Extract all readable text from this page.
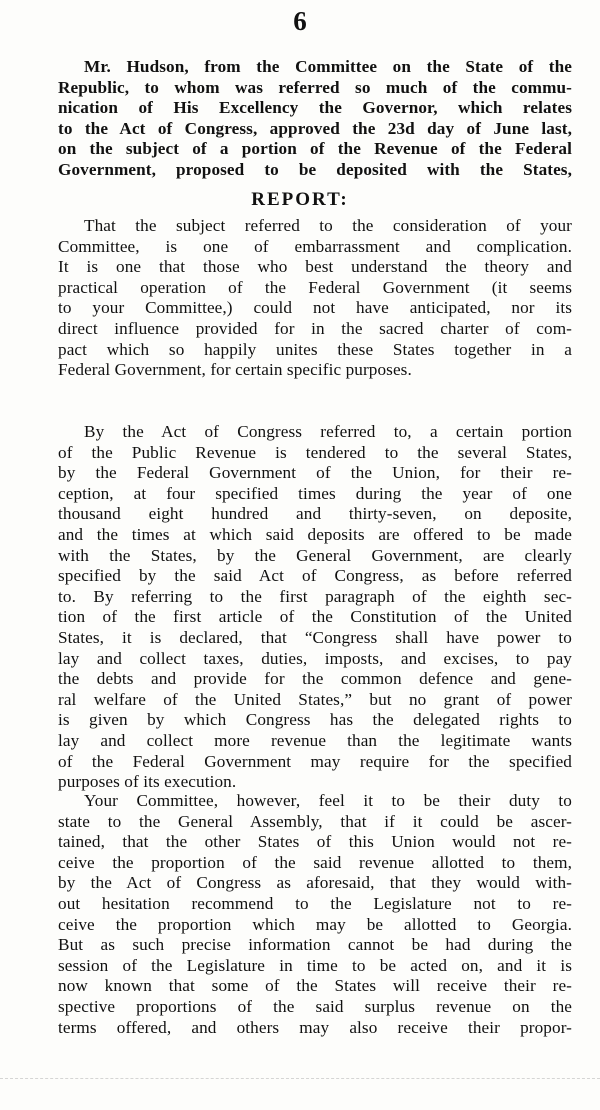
6
Mr. Hudson, from the Committee on the State of the
Republic, to whom was referred so much of the commu-
nication of His Excellency the Governor, which relates
to the Act of Congress, approved the 23d day of June last,
on the subject of a portion of the Revenue of the Federal
Government, proposed to be deposited with the States,
REPORT:
That the subject referred to the consideration of your
Committee, is one of embarrassment and complication.
It is one that those who best understand the theory and
practical operation of the Federal Government (it seems
to your Committee,) could not have anticipated, nor its
direct influence provided for in the sacred charter of com-
pact which so happily unites these States together in a
Federal Government, for certain specific purposes.
By the Act of Congress referred to, a certain portion
of the Public Revenue is tendered to the several States,
by the Federal Government of the Union, for their re-
ception, at four specified times during the year of one
thousand eight hundred and thirty-seven, on deposite,
and the times at which said deposits are offered to be made
with the States, by the General Government, are clearly
specified by the said Act of Congress, as before referred
to. By referring to the first paragraph of the eighth sec-
tion of the first article of the Constitution of the United
States, it is declared, that “Congress shall have power to
lay and collect taxes, duties, imposts, and excises, to pay
the debts and provide for the common defence and gene-
ral welfare of the United States,” but no grant of power
is given by which Congress has the delegated rights to
lay and collect more revenue than the legitimate wants
of the Federal Government may require for the specified
purposes of its execution.
Your Committee, however, feel it to be their duty to
state to the General Assembly, that if it could be ascer-
tained, that the other States of this Union would not re-
ceive the proportion of the said revenue allotted to them,
by the Act of Congress as aforesaid, that they would with-
out hesitation recommend to the Legislature not to re-
ceive the proportion which may be allotted to Georgia.
But as such precise information cannot be had during the
session of the Legislature in time to be acted on, and it is
now known that some of the States will receive their re-
spective proportions of the said surplus revenue on the
terms offered, and others may also receive their propor-
